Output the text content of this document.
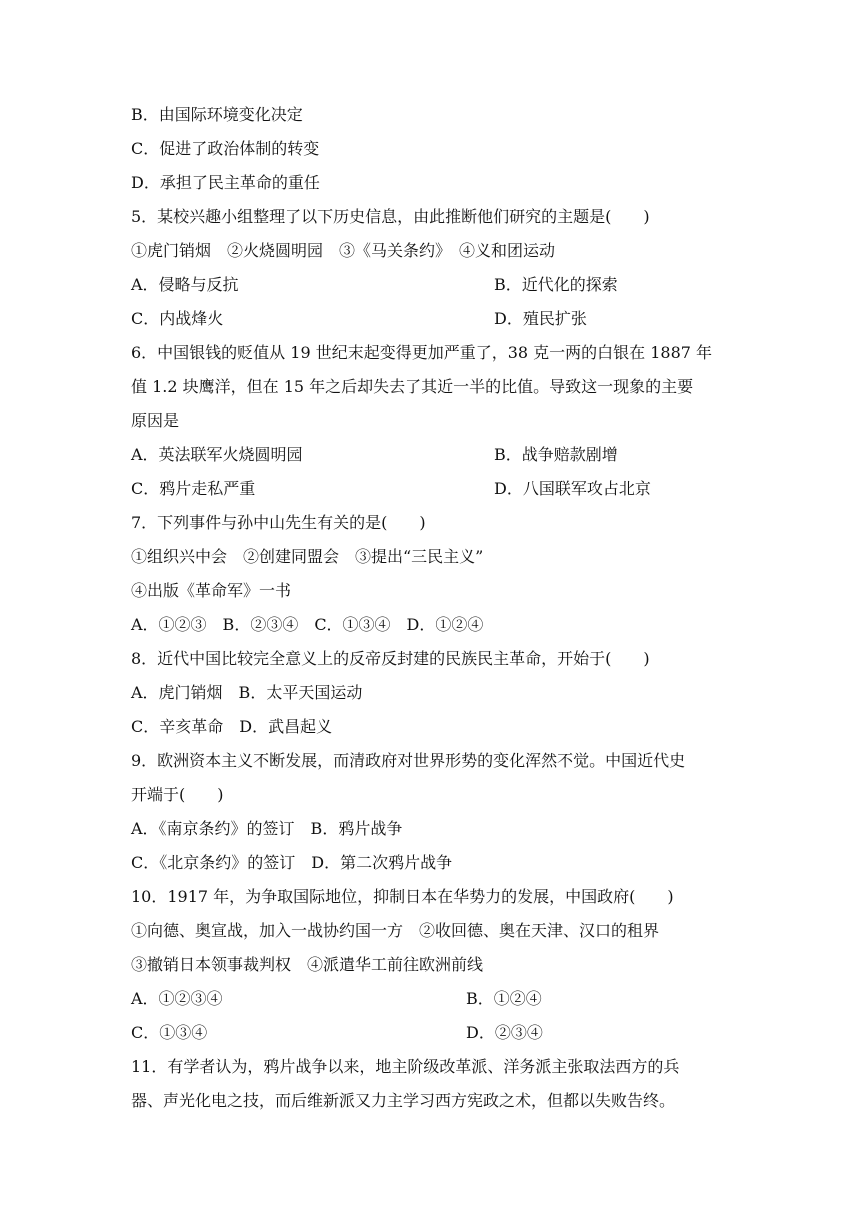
B．由国际环境变化决定
C．促进了政治体制的转变
D．承担了民主革命的重任
5．某校兴趣小组整理了以下历史信息，由此推断他们研究的主题是(　　)
①虎门销烟　②火烧圆明园　③《马关条约》　④义和团运动
A．侵略与反抗	B．近代化的探索
C．内战烽火	D．殖民扩张
6．中国银钱的贬值从 19 世纪末起变得更加严重了，38 克一两的白银在 1887 年
值 1.2 块鹰洋，但在 15 年之后却失去了其近一半的比值。导致这一现象的主要
原因是
A．英法联军火烧圆明园	B．战争赔款剧增
C．鸦片走私严重	D．八国联军攻占北京
7．下列事件与孙中山先生有关的是(　　)
①组织兴中会　②创建同盟会　③提出“三民主义”
④出版《革命军》一书
A．①②③　B．②③④　C．①③④　D．①②④
8．近代中国比较完全意义上的反帝反封建的民族民主革命，开始于(　　)
A．虎门销烟　B．太平天国运动
C．辛亥革命　D．武昌起义
9．欧洲资本主义不断发展，而清政府对世界形势的变化浑然不觉。中国近代史
开端于(　　)
A．《南京条约》的签订　B．鸦片战争
C．《北京条约》的签订　D．第二次鸦片战争
10．1917 年，为争取国际地位，抑制日本在华势力的发展，中国政府(　　)
①向德、奥宣战，加入一战协约国一方　②收回德、奥在天津、汉口的租界
③撤销日本领事裁判权　④派遣华工前往欧洲前线
A．①②③④	B．①②④
C．①③④	D．②③④
11．有学者认为，鸦片战争以来，地主阶级改革派、洋务派主张取法西方的兵
器、声光化电之技，而后维新派又力主学习西方宪政之术，但都以失败告终。
